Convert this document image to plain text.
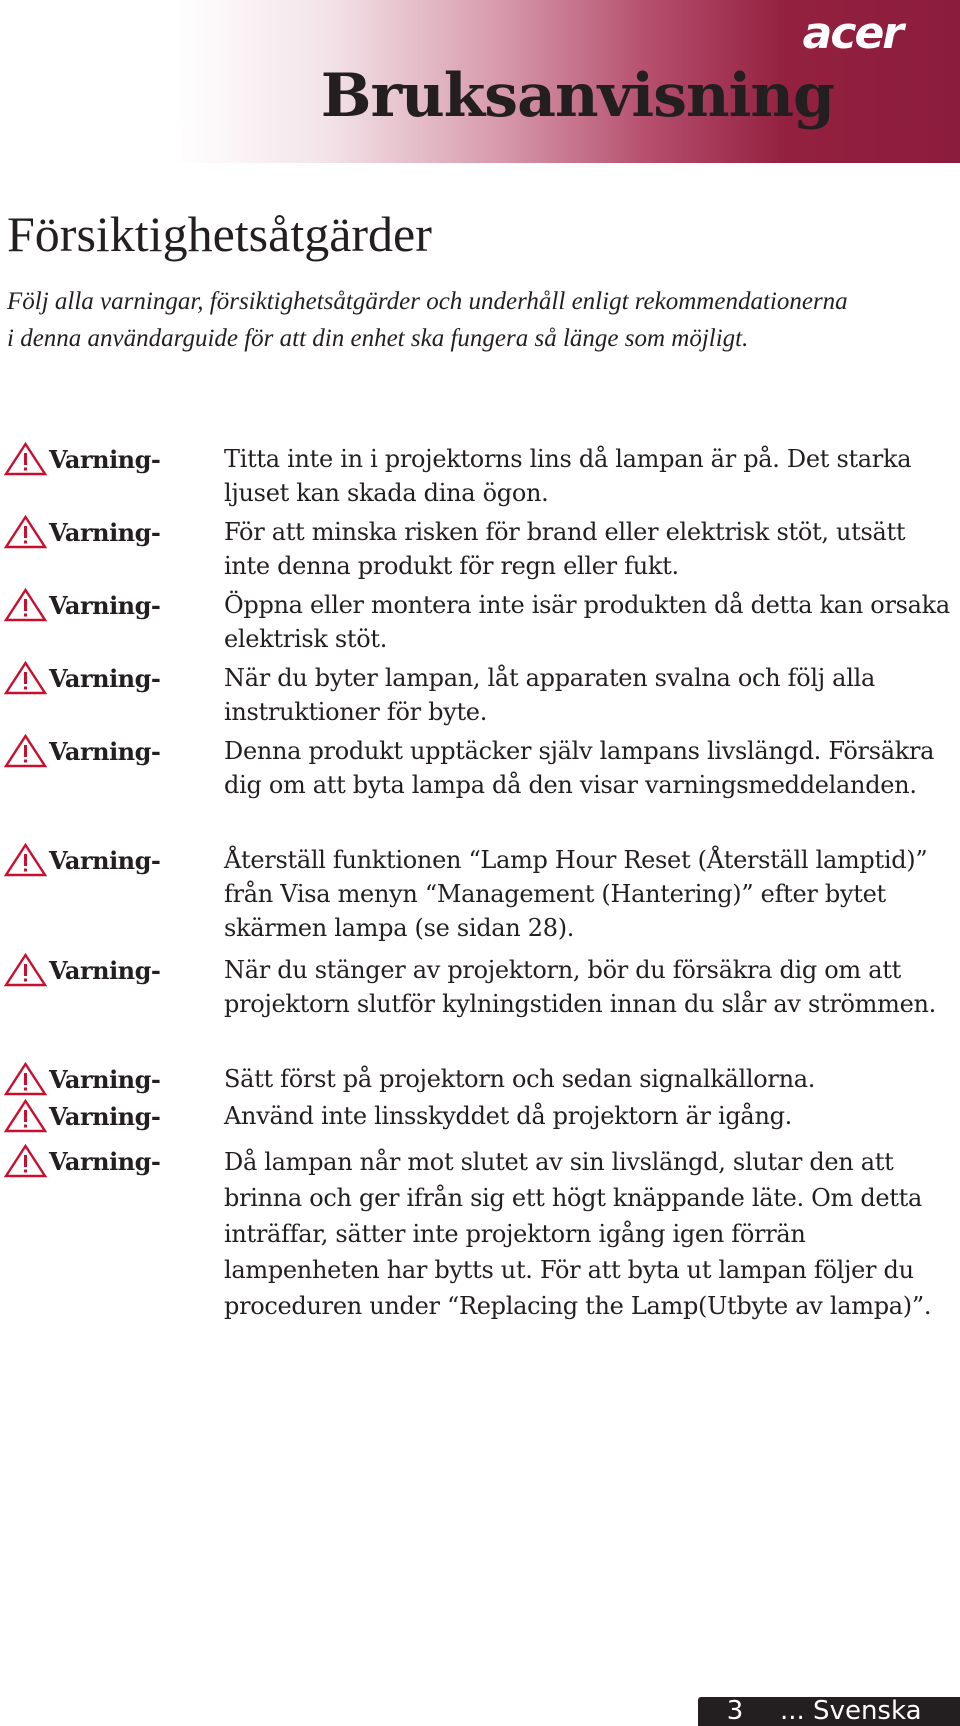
acer
Bruksanvisning
Försiktighetsåtgärder

Följ alla varningar, försiktighetsåtgärder och underhåll enligt rekommendationerna i denna användarguide för att din enhet ska fungera så länge som möjligt.

Varning-	Titta inte in i projektorns lins då lampan är på. Det starka ljuset kan skada dina ögon.

Varning-	För att minska risken för brand eller elektrisk stöt, utsätt inte denna produkt för regn eller fukt.

Varning-	Öppna eller montera inte isär produkten då detta kan orsaka elektrisk stöt.

Varning-	När du byter lampan, låt apparaten svalna och följ alla instruktioner för byte.

Varning-	Denna produkt upptäcker själv lampans livslängd. Försäkra dig om att byta lampa då den visar varningsmeddelanden.

Varning-	Återställ funktionen “Lamp Hour Reset (Återställ lamptid)” från Visa menyn “Management (Hantering)” efter bytet skärmen lampa (se sidan 28).

Varning-	När du stänger av projektorn, bör du försäkra dig om att projektorn slutför kylningstiden innan du slår av strömmen.

Varning-	Sätt först på projektorn och sedan signalkällorna.

Varning-	Använd inte linsskyddet då projektorn är igång.

Varning-	Då lampan når mot slutet av sin livslängd, slutar den att brinna och ger ifrån sig ett högt knäppande läte. Om detta inträffar, sätter inte projektorn igång igen förrän lampenheten har bytts ut. För att byta ut lampan följer du proceduren under “Replacing the Lamp(Utbyte av lampa)”.

3	... Svenska
